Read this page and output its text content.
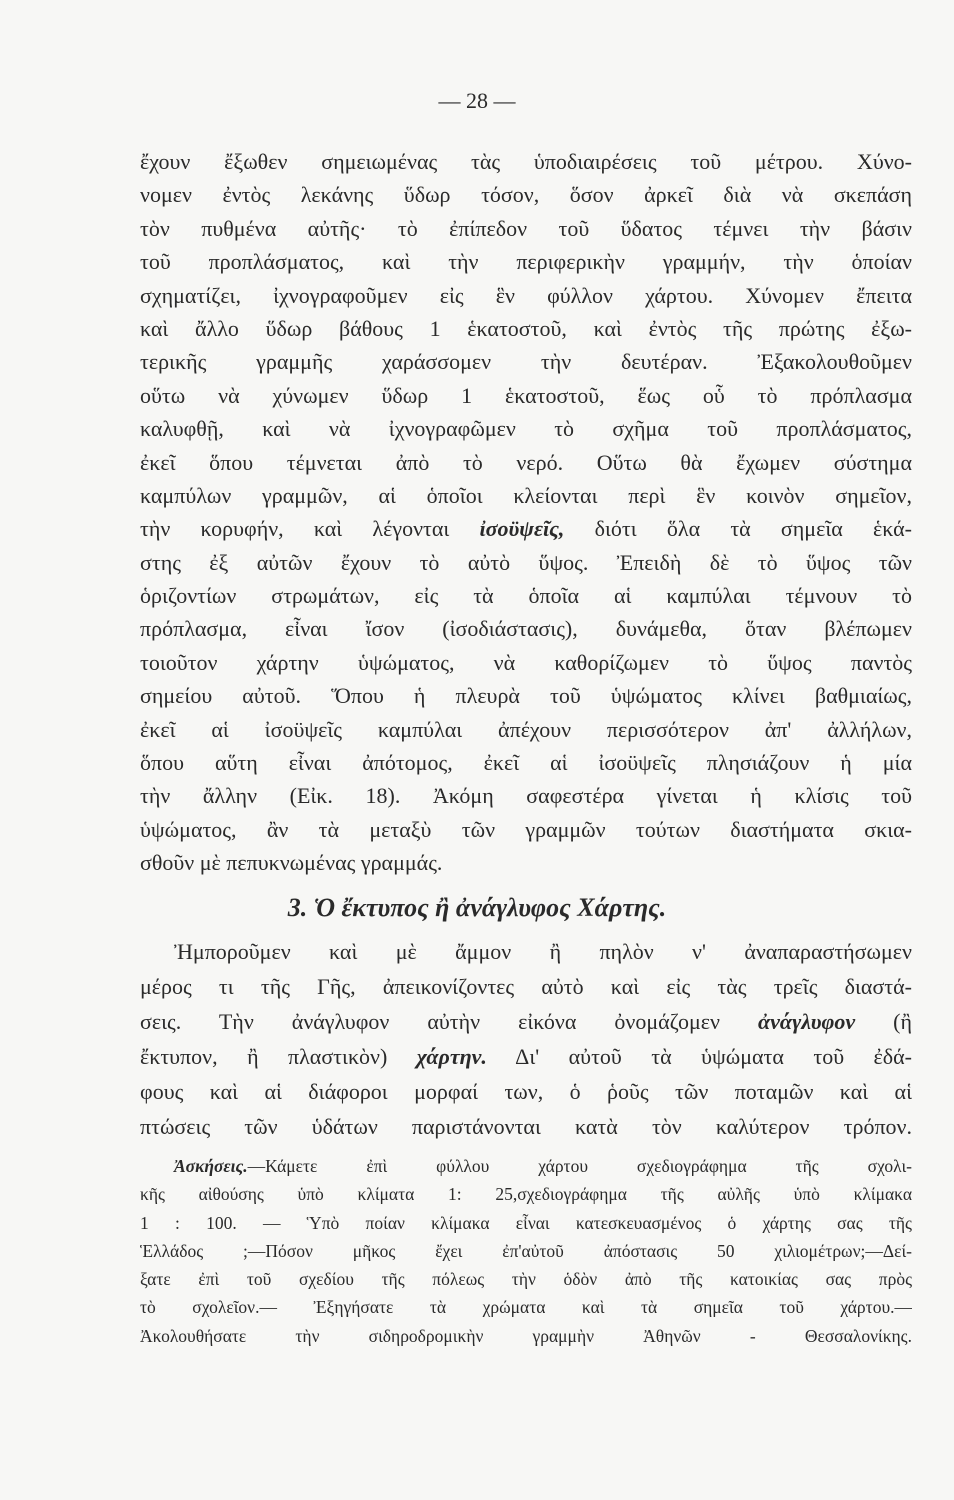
— 28 —
ἔχουν ἔξωθεν σημειωμένας τὰς ὑποδιαιρέσεις τοῦ μέτρου. Χύνο-
νομεν ἐντὸς λεκάνης ὕδωρ τόσον, ὅσον ἀρκεῖ διὰ νὰ σκεπάση
τὸν πυθμένα αὐτῆς· τὸ ἐπίπεδον τοῦ ὕδατος τέμνει τὴν βάσιν
τοῦ προπλάσματος, καὶ τὴν περιφερικὴν γραμμήν, τὴν ὁποίαν
σχηματίζει, ἰχνογραφοῦμεν εἰς ἓν φύλλον χάρτου. Χύνομεν ἔπειτα
καὶ ἄλλο ὕδωρ βάθους 1 ἑκατοστοῦ, καὶ ἐντὸς τῆς πρώτης ἐξω-
τερικῆς γραμμῆς χαράσσομεν τὴν δευτέραν. Ἐξακολουθοῦμεν
οὕτω νὰ χύνωμεν ὕδωρ 1 ἑκατοστοῦ, ἕως οὗ τὸ πρόπλασμα
καλυφθῇ, καὶ νὰ ἰχνογραφῶμεν τὸ σχῆμα τοῦ προπλάσματος,
ἐκεῖ ὅπου τέμνεται ἀπὸ τὸ νερό. Οὕτω θὰ ἔχωμεν σύστημα
καμπύλων γραμμῶν, αἱ ὁποῖοι κλείονται περὶ ἓν κοινὸν σημεῖον,
τὴν κορυφήν, καὶ λέγονται ἰσοϋψεῖς, διότι ὅλα τὰ σημεῖα ἑκά-
στης ἐξ αὐτῶν ἔχουν τὸ αὐτὸ ὕψος. Ἐπειδὴ δὲ τὸ ὕψος τῶν
ὁριζοντίων στρωμάτων, εἰς τὰ ὁποῖα αἱ καμπύλαι τέμνουν τὸ
πρόπλασμα, εἶναι ἴσον (ἰσοδιάστασις), δυνάμεθα, ὅταν βλέπωμεν
τοιοῦτον χάρτην ὑψώματος, νὰ καθορίζωμεν τὸ ὕψος παντὸς
σημείου αὐτοῦ. Ὅπου ἡ πλευρὰ τοῦ ὑψώματος κλίνει βαθμιαίως,
ἐκεῖ αἱ ἰσοϋψεῖς καμπύλαι ἀπέχουν περισσότερον ἀπ' ἀλλήλων,
ὅπου αὕτη εἶναι ἀπότομος, ἐκεῖ αἱ ἰσοϋψεῖς πλησιάζουν ἡ μία
τὴν ἄλλην (Εἰκ. 18). Ἀκόμη σαφεστέρα γίνεται ἡ κλίσις τοῦ
ὑψώματος, ἂν τὰ μεταξὺ τῶν γραμμῶν τούτων διαστήματα σκια-
σθοῦν μὲ πεπυκνωμένας γραμμάς.
3. Ὁ ἔκτυπος ἢ ἀνάγλυφος Χάρτης.
Ἠμποροῦμεν καὶ μὲ ἄμμον ἢ πηλὸν ν' ἀναπαραστήσωμεν
μέρος τι τῆς Γῆς, ἀπεικονίζοντες αὐτὸ καὶ εἰς τὰς τρεῖς διαστά-
σεις. Τὴν ἀνάγλυφον αὐτὴν εἰκόνα ὀνομάζομεν ἀνάγλυφον (ἢ
ἔκτυπον, ἢ πλαστικὸν) χάρτην. Δι' αὐτοῦ τὰ ὑψώματα τοῦ ἐδά-
φους καὶ αἱ διάφοροι μορφαί των, ὁ ῥοῦς τῶν ποταμῶν καὶ αἱ
πτώσεις τῶν ὑδάτων παριστάνονται κατὰ τὸν καλύτερον τρόπον.
Ἀσκήσεις.—Κάμετε ἐπὶ φύλλου χάρτου σχεδιογράφημα τῆς σχολι-
κῆς αἰθούσης ὑπὸ κλίματα 1: 25,σχεδιογράφημα τῆς αὐλῆς ὑπὸ κλίμακα
1 : 100. — Ὑπὸ ποίαν κλίμακα εἶναι κατεσκευασμένος ὁ χάρτης σας τῆς
Ἑλλάδος ;—Πόσον μῆκος ἔχει ἐπ'αὐτοῦ ἀπόστασις 50 χιλιομέτρων;—Δεί-
ξατε ἐπὶ τοῦ σχεδίου τῆς πόλεως τὴν ὁδὸν ἀπὸ τῆς κατοικίας σας πρὸς
τὸ σχολεῖον.— Ἐξηγήσατε τὰ χρώματα καὶ τὰ σημεῖα τοῦ χάρτου.—
Ἀκολουθήσατε τὴν σιδηροδρομικὴν γραμμὴν Ἀθηνῶν - Θεσσαλονίκης.
